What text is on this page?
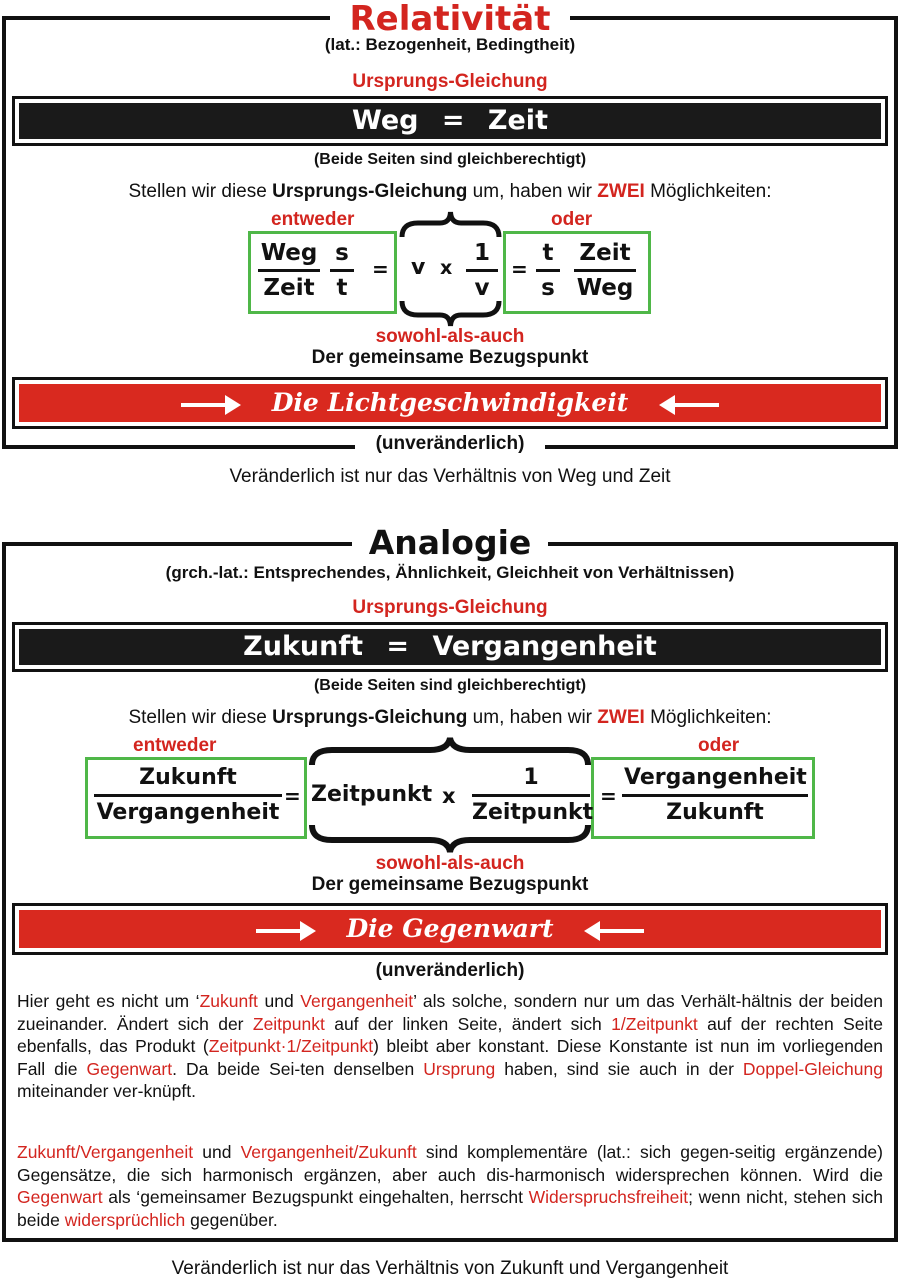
Relativität
(lat.: Bezogenheit, Bedingtheit)
Ursprungs-Gleichung
Weg = Zeit
(Beide Seiten sind gleichberechtigt)
Stellen wir diese Ursprungs-Gleichung um, haben wir ZWEI Möglichkeiten:
entweder	oder
Weg
Zeit $\frac{s}{t} = v$ x $\frac{1}{v} = \frac{t}{s}$ Zeit
Weg
sowohl-als-auch
Der gemeinsame Bezugspunkt
Die Lichtgeschwindigkeit
(unveränderlich)
Veränderlich ist nur das Verhältnis von Weg und Zeit
Analogie
(grch.-lat.: Entsprechendes, Ähnlichkeit, Gleichheit von Verhältnissen)
Ursprungs-Gleichung
Zukunft = Vergangenheit
(Beide Seiten sind gleichberechtigt)
Stellen wir diese Ursprungs-Gleichung um, haben wir ZWEI Möglichkeiten:
entweder	oder
Zukunft
Vergangenheit
= Zeitpunkt x
1
Zeitpunkt
=
Vergangenheit
Zukunft
sowohl-als-auch
Der gemeinsame Bezugspunkt
Die Gegenwart
(unveränderlich)
Hier geht es nicht um ‘Zukunft und Vergangenheit’ als solche, sondern nur um das Verhält-hältnis der beiden zueinander. Ändert sich der Zeitpunkt auf der linken Seite, ändert sich 1/Zeitpunkt auf der rechten Seite ebenfalls, das Produkt (Zeitpunkt·1/Zeitpunkt) bleibt aber konstant. Diese Konstante ist nun im vorliegenden Fall die Gegenwart. Da beide Sei-ten denselben Ursprung haben, sind sie auch in der Doppel-Gleichung miteinander ver-knüpft.
Zukunft/Vergangenheit und Vergangenheit/Zukunft sind komplementäre (lat.: sich gegen-seitig ergänzende) Gegensätze, die sich harmonisch ergänzen, aber auch dis-harmonisch widersprechen können. Wird die Gegenwart als ‘gemeinsamer Bezugspunkt eingehalten, herrscht Widerspruchsfreiheit; wenn nicht, stehen sich beide widersprüchlich gegenüber.
Veränderlich ist nur das Verhältnis von Zukunft und Vergangenheit
